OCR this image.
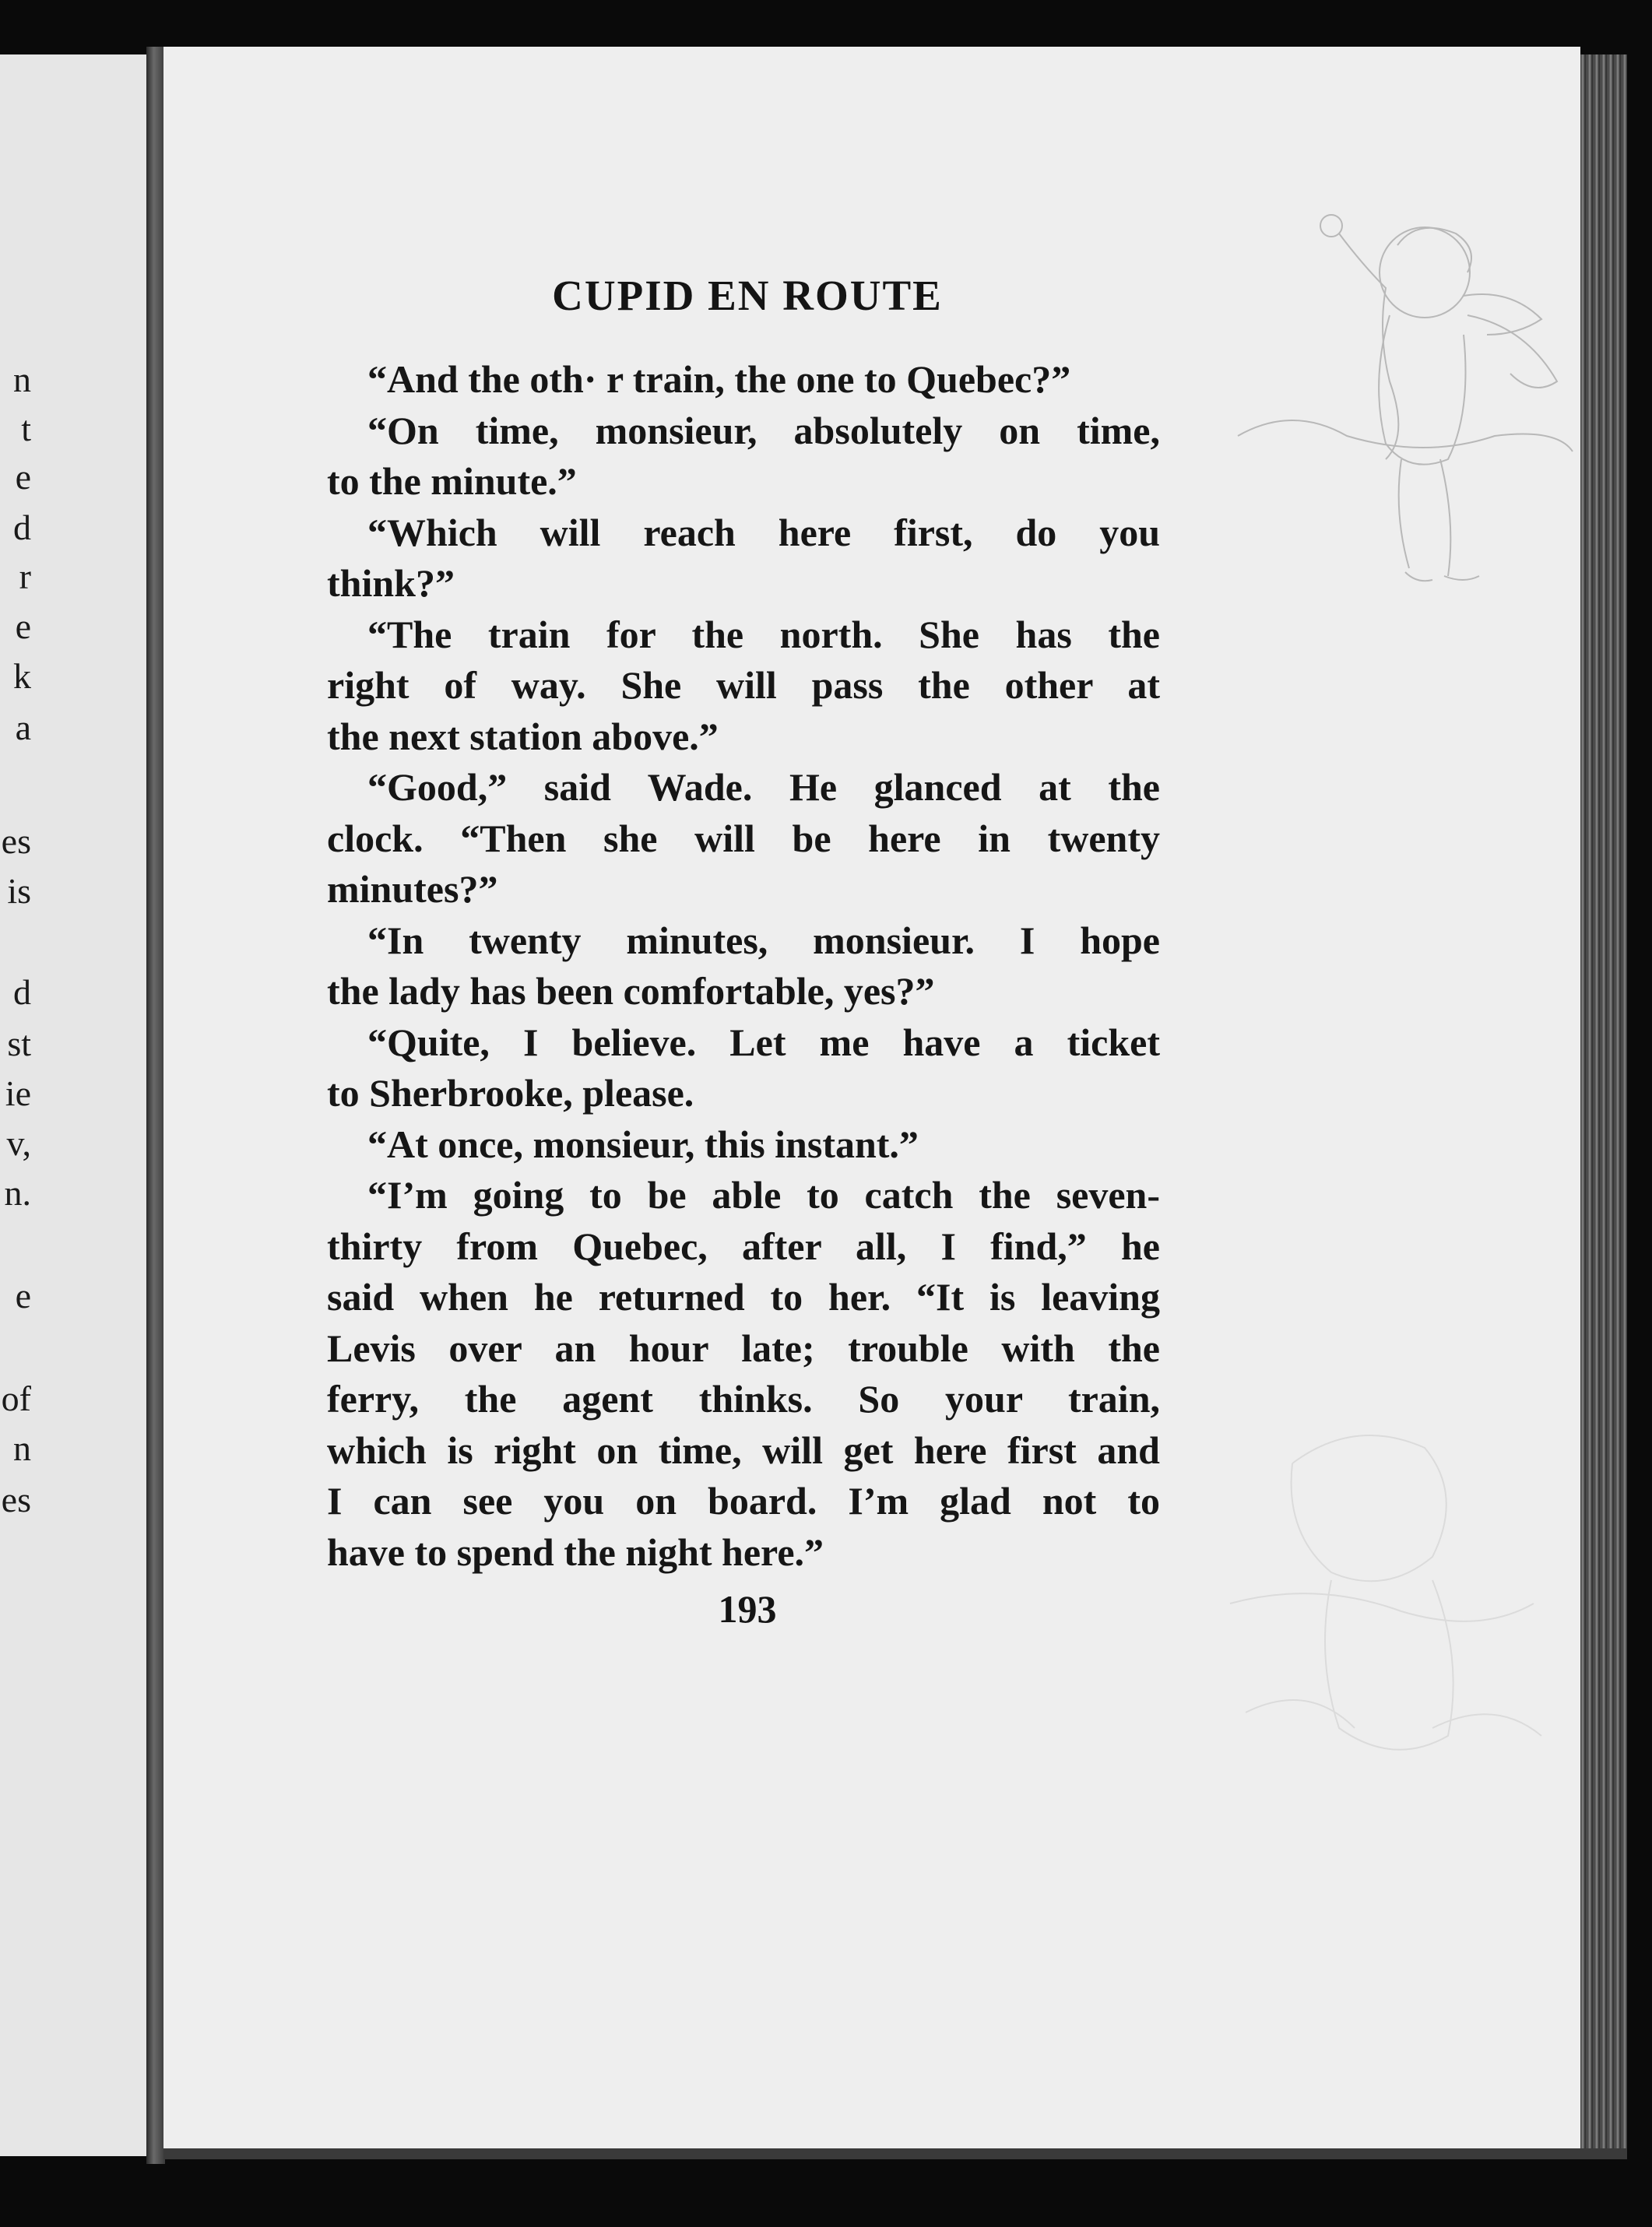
n
t
e
d
r
e
k
a
es
is
d
st
ie
v,
n.
e
of
n
es
CUPID EN ROUTE
“And the oth· r train, the one to Quebec?”
“On time, monsieur, absolutely on time,
to the minute.”
“Which will reach here first, do you
think?”
“The train for the north. She has the
right of way. She will pass the other at
the next station above.”
“Good,” said Wade. He glanced at the
clock. “Then she will be here in twenty
minutes?”
“In twenty minutes, monsieur. I hope
the lady has been comfortable, yes?”
“Quite, I believe. Let me have a ticket
to Sherbrooke, please.
“At once, monsieur, this instant.”
“I’m going to be able to catch the seven-
thirty from Quebec, after all, I find,” he
said when he returned to her. “It is leaving
Levis over an hour late; trouble with the
ferry, the agent thinks. So your train,
which is right on time, will get here first and
I can see you on board. I’m glad not to
have to spend the night here.”
193
